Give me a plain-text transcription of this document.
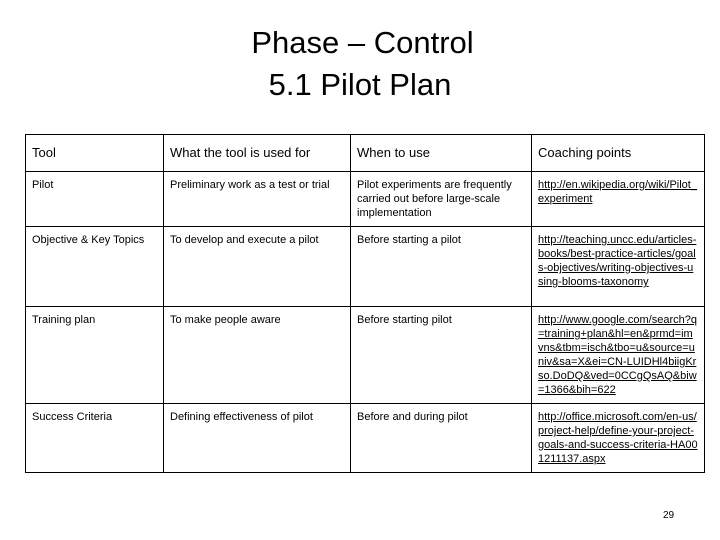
Phase – Control
5.1 Pilot Plan
Tool	What the tool is used for	When to use	Coaching points
Pilot	Preliminary work as a test or trial	Pilot experiments are frequently carried out before large-scale implementation	http://en.wikipedia.org/wiki/Pilot_experiment
Objective & Key Topics	To develop and execute a pilot	Before starting a pilot	http://teaching.uncc.edu/articles-books/best-practice-articles/goals-objectives/writing-objectives-using-blooms-taxonomy
Training plan	To make people aware	Before starting pilot	http://www.google.com/search?q=training+plan&hl=en&prmd=imvns&tbm=isch&tbo=u&source=univ&sa=X&ei=CN-LUIDHl4biigKrso.DoDQ&ved=0CCgQsAQ&biw=1366&bih=622
Success Criteria	Defining effectiveness of pilot	Before and during pilot	http://office.microsoft.com/en-us/project-help/define-your-project-goals-and-success-criteria-HA001211137.aspx
29
